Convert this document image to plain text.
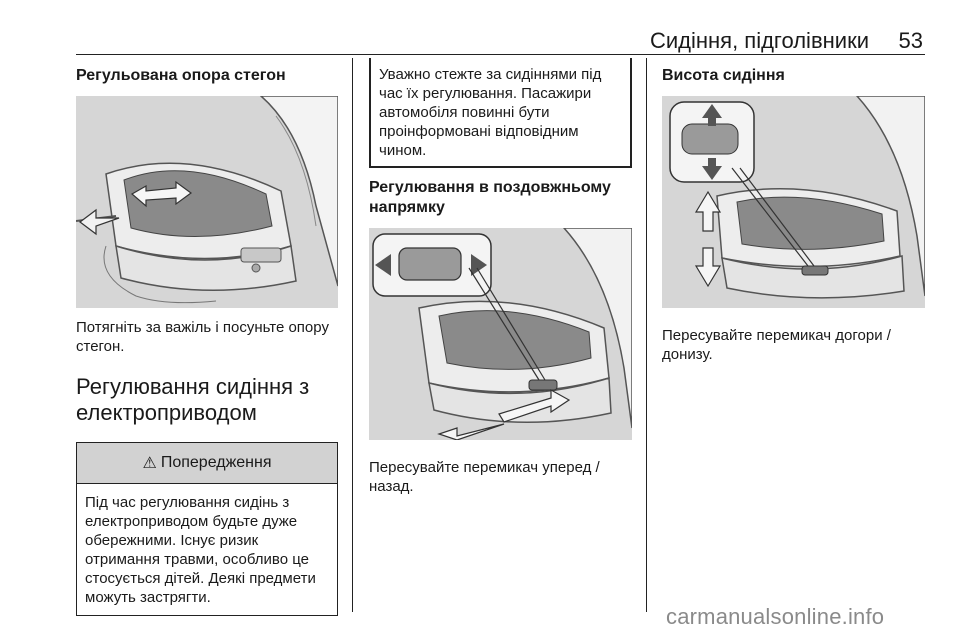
Сидіння, підголівники 53
Регульована опора стегон

Потягніть за важіль і посуньте опору стегон.

Регулювання сидіння з електроприводом

⚠ Попередження

Під час регулювання сидінь з електроприводом будьте дуже обережними. Існує ризик отримання травми, особливо це стосується дітей. Деякі предмети можуть застрягти.

Уважно стежте за сидіннями під час їх регулювання. Пасажири автомобіля повинні бути проінформовані відповідним чином.

Регулювання в поздовжньому напрямку

Пересувайте перемикач уперед / назад.

Висота сидіння

Пересувайте перемикач догори / донизу.

carmanualsonline.info
